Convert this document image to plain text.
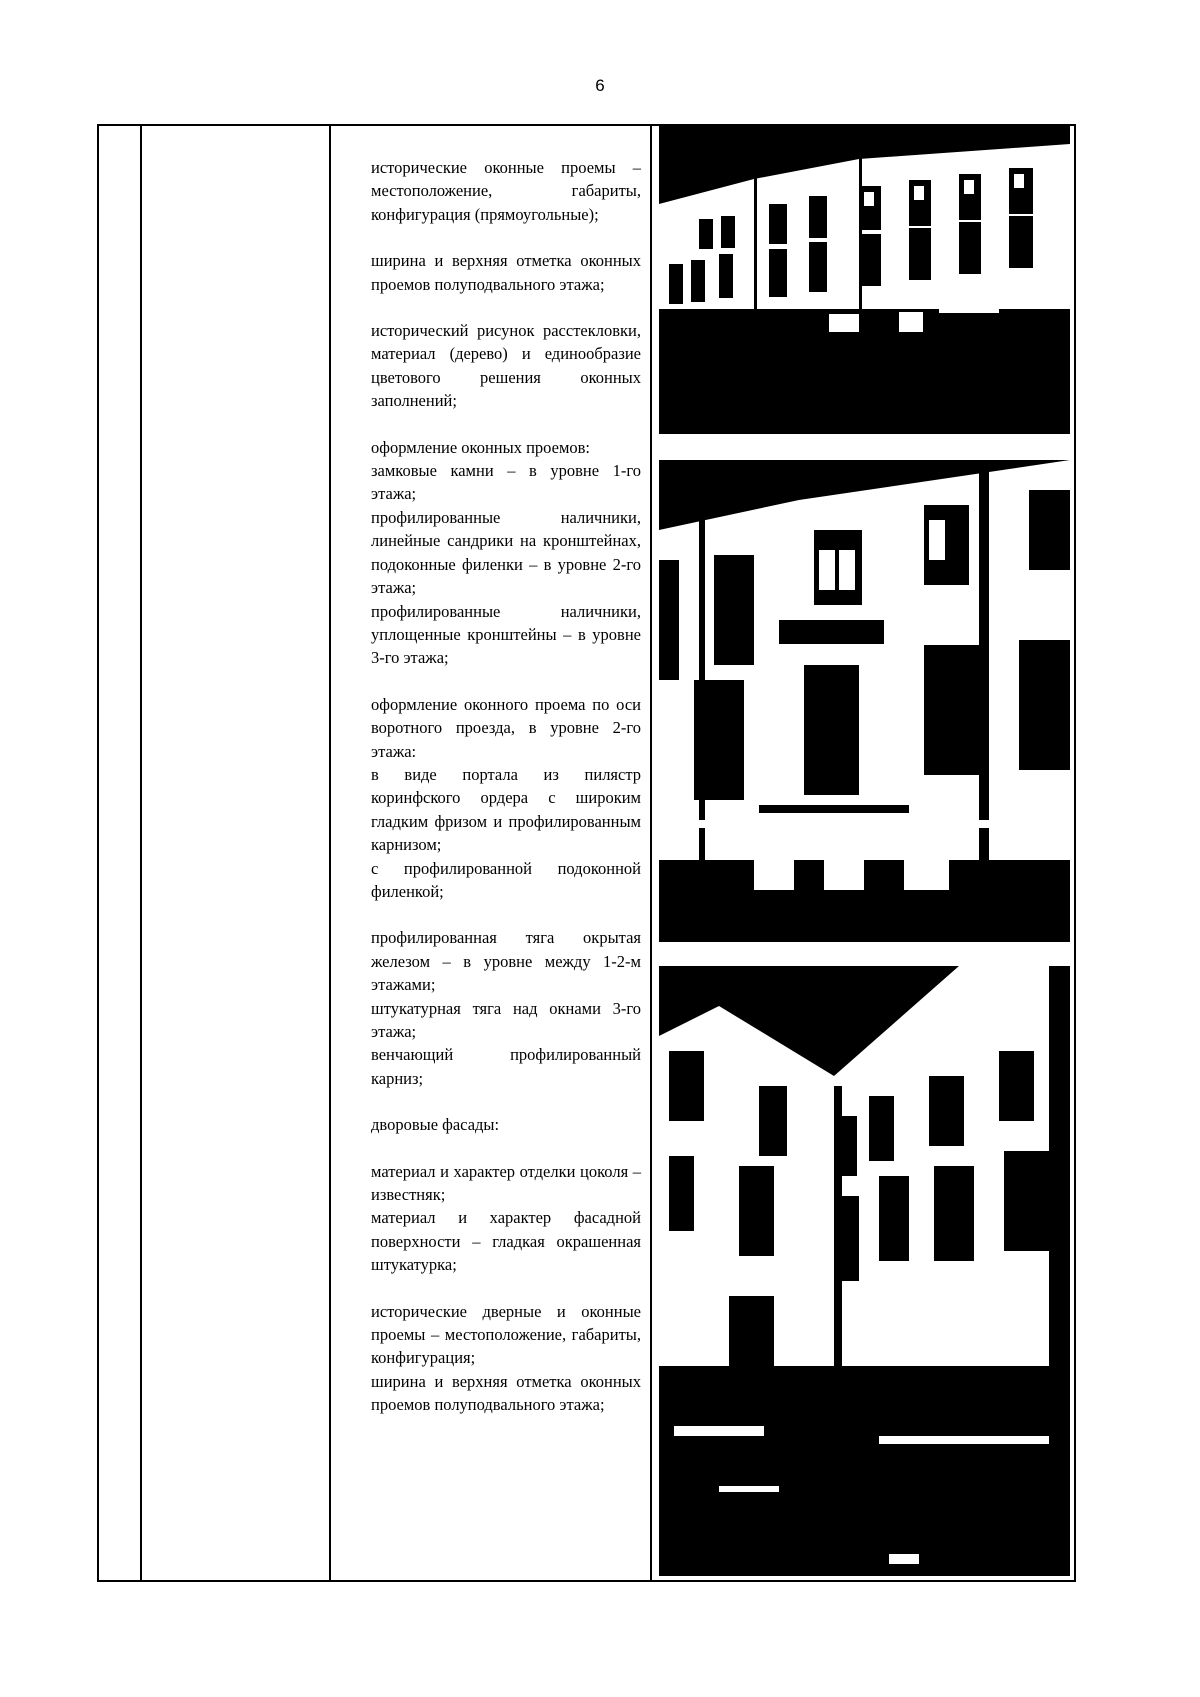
6

исторические оконные проемы – местоположение, габариты, конфигурация (прямоугольные);

ширина и верхняя отметка оконных проемов полуподвального этажа;

исторический рисунок расстекловки, материал (дерево) и единообразие цветового решения оконных заполнений;

оформление оконных проемов:
замковые камни – в уровне 1-го этажа;
профилированные наличники, линейные сандрики на кронштейнах, подоконные филенки – в уровне 2-го этажа;
профилированные наличники, уплощенные кронштейны – в уровне 3-го этажа;

оформление оконного проема по оси воротного проезда, в уровне 2-го этажа:
в виде портала из пилястр коринфского ордера с широким гладким фризом и профилированным карнизом;
с профилированной подоконной филенкой;

профилированная тяга окрытая железом – в уровне между 1-2-м этажами;
штукатурная тяга над окнами 3-го этажа;
венчающий профилированный карниз;

дворовые фасады:

материал и характер отделки цоколя – известняк;
материал и характер фасадной поверхности – гладкая окрашенная штукатурка;

исторические дверные и оконные проемы – местоположение, габариты, конфигурация;
ширина и верхняя отметка оконных проемов полуподвального этажа;
